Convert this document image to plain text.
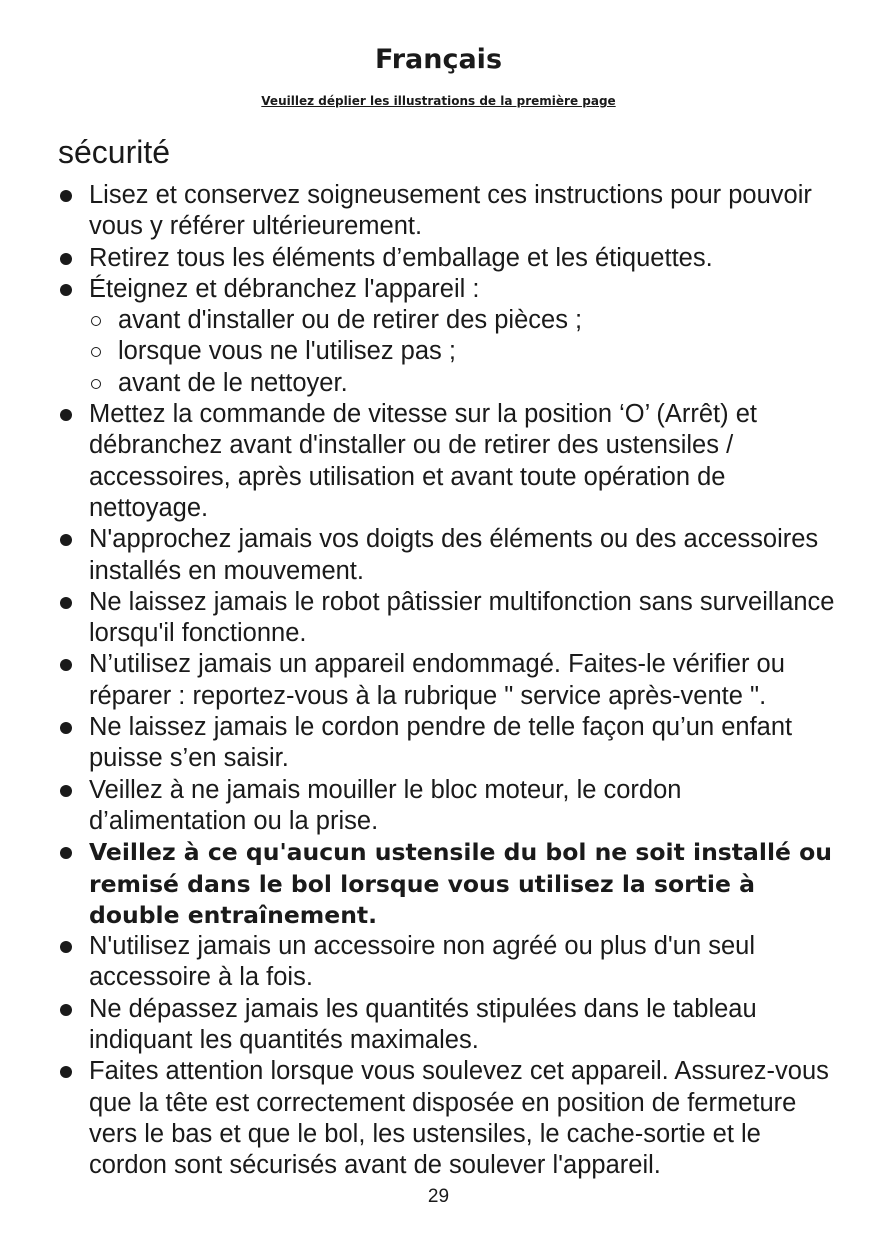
Français

Veuillez déplier les illustrations de la première page

sécurité
Lisez et conservez soigneusement ces instructions pour pouvoir vous y référer ultérieurement.
Retirez tous les éléments d’emballage et les étiquettes.
Éteignez et débranchez l'appareil :
avant d'installer ou de retirer des pièces ;
lorsque vous ne l'utilisez pas ;
avant de le nettoyer.
Mettez la commande de vitesse sur la position ‘O’ (Arrêt) et débranchez avant d'installer ou de retirer des ustensiles / accessoires, après utilisation et avant toute opération de nettoyage.
N'approchez jamais vos doigts des éléments ou des accessoires installés en mouvement.
Ne laissez jamais le robot pâtissier multifonction sans surveillance lorsqu'il fonctionne.
N’utilisez jamais un appareil endommagé. Faites-le vérifier ou réparer : reportez-vous à la rubrique " service après-vente ".
Ne laissez jamais le cordon pendre de telle façon qu’un enfant puisse s’en saisir.
Veillez à ne jamais mouiller le bloc moteur, le cordon d’alimentation ou la prise.
Veillez à ce qu'aucun ustensile du bol ne soit installé ou remisé dans le bol lorsque vous utilisez la sortie à double entraînement.
N'utilisez jamais un accessoire non agréé ou plus d'un seul accessoire à la fois.
Ne dépassez jamais les quantités stipulées dans le tableau indiquant les quantités maximales.
Faites attention lorsque vous soulevez cet appareil. Assurez-vous que la tête est correctement disposée en position de fermeture vers le bas et que le bol, les ustensiles, le cache-sortie et le cordon sont sécurisés avant de soulever l'appareil.
29
